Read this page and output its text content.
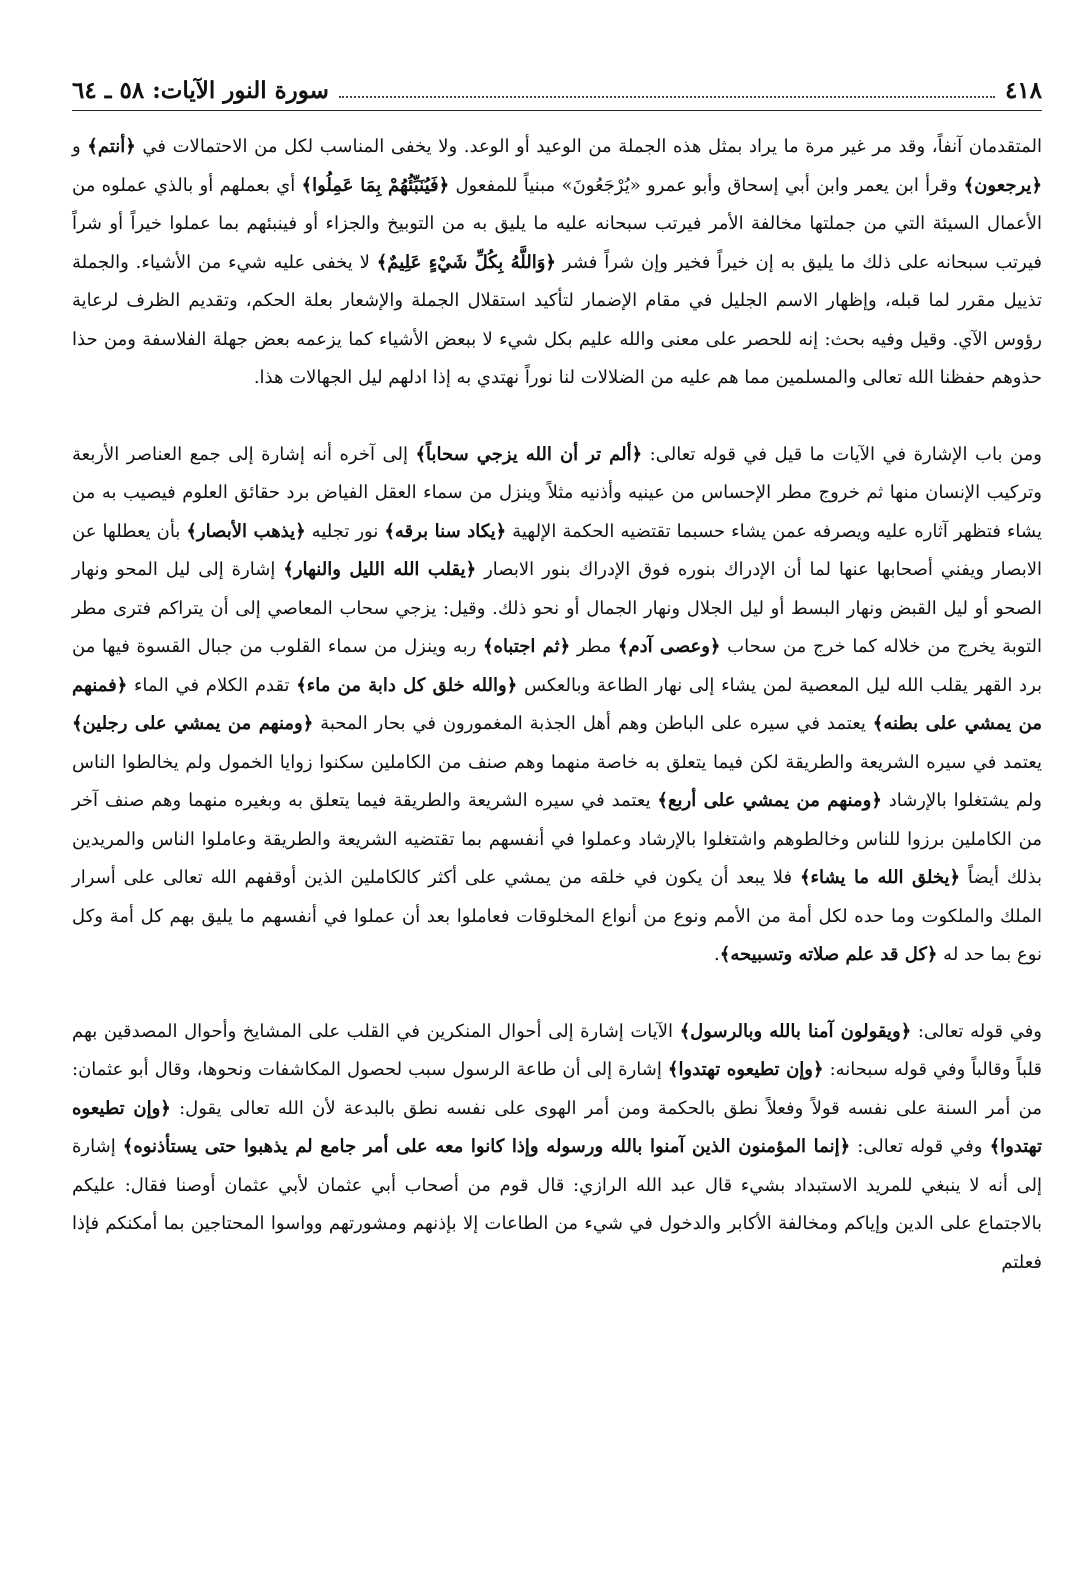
٤١٨
سورة النور الآيات: ٥٨ ـ ٦٤

المتقدمان آنفاً، وقد مر غير مرة ما يراد بمثل هذه الجملة من الوعيد أو الوعد. ولا يخفى المناسب لكل من الاحتمالات في ﴿أنتم﴾ و ﴿يرجعون﴾ وقرأ ابن يعمر وابن أبي إسحاق وأبو عمرو «يُرْجَعُونَ» مبنياً للمفعول ﴿فَيُنَبِّئُهُمْ بِمَا عَمِلُوا﴾ أي بعملهم أو بالذي عملوه من الأعمال السيئة التي من جملتها مخالفة الأمر فيرتب سبحانه عليه ما يليق به من التوبيخ والجزاء أو فينبئهم بما عملوا خيراً أو شراً فيرتب سبحانه على ذلك ما يليق به إن خيراً فخير وإن شراً فشر ﴿وَاللَّهُ بِكُلِّ شَيْءٍ عَلِيمٌ﴾ لا يخفى عليه شيء من الأشياء. والجملة تذييل مقرر لما قبله، وإظهار الاسم الجليل في مقام الإضمار لتأكيد استقلال الجملة والإشعار بعلة الحكم، وتقديم الظرف لرعاية رؤوس الآي. وقيل وفيه بحث: إنه للحصر على معنى والله عليم بكل شيء لا ببعض الأشياء كما يزعمه بعض جهلة الفلاسفة ومن حذا حذوهم حفظنا الله تعالى والمسلمين مما هم عليه من الضلالات لنا نوراً نهتدي به إذا ادلهم ليل الجهالات هذا.

ومن باب الإشارة في الآيات ما قيل في قوله تعالى: ﴿ألم تر أن الله يزجي سحاباً﴾ إلى آخره أنه إشارة إلى جمع العناصر الأربعة وتركيب الإنسان منها ثم خروج مطر الإحساس من عينيه وأذنيه مثلاً وينزل من سماء العقل الفياض برد حقائق العلوم فيصيب به من يشاء فتظهر آثاره عليه ويصرفه عمن يشاء حسبما تقتضيه الحكمة الإلهية ﴿يكاد سنا برقه﴾ نور تجليه ﴿يذهب الأبصار﴾ بأن يعطلها عن الابصار ويفني أصحابها عنها لما أن الإدراك بنوره فوق الإدراك بنور الابصار ﴿يقلب الله الليل والنهار﴾ إشارة إلى ليل المحو ونهار الصحو أو ليل القبض ونهار البسط أو ليل الجلال ونهار الجمال أو نحو ذلك. وقيل: يزجي سحاب المعاصي إلى أن يتراكم فترى مطر التوبة يخرج من خلاله كما خرج من سحاب ﴿وعصى آدم﴾ مطر ﴿ثم اجتباه﴾ ربه وينزل من سماء القلوب من جبال القسوة فيها من برد القهر يقلب الله ليل المعصية لمن يشاء إلى نهار الطاعة وبالعكس ﴿والله خلق كل دابة من ماء﴾ تقدم الكلام في الماء ﴿فمنهم من يمشي على بطنه﴾ يعتمد في سيره على الباطن وهم أهل الجذبة المغمورون في بحار المحبة ﴿ومنهم من يمشي على رجلين﴾ يعتمد في سيره الشريعة والطريقة لكن فيما يتعلق به خاصة منهما وهم صنف من الكاملين سكنوا زوايا الخمول ولم يخالطوا الناس ولم يشتغلوا بالإرشاد ﴿ومنهم من يمشي على أربع﴾ يعتمد في سيره الشريعة والطريقة فيما يتعلق به وبغيره منهما وهم صنف آخر من الكاملين برزوا للناس وخالطوهم واشتغلوا بالإرشاد وعملوا في أنفسهم بما تقتضيه الشريعة والطريقة وعاملوا الناس والمريدين بذلك أيضاً ﴿يخلق الله ما يشاء﴾ فلا يبعد أن يكون في خلقه من يمشي على أكثر كالكاملين الذين أوقفهم الله تعالى على أسرار الملك والملكوت وما حده لكل أمة من الأمم ونوع من أنواع المخلوقات فعاملوا بعد أن عملوا في أنفسهم ما يليق بهم كل أمة وكل نوع بما حد له ﴿كل قد علم صلاته وتسبيحه﴾.

وفي قوله تعالى: ﴿ويقولون آمنا بالله وبالرسول﴾ الآيات إشارة إلى أحوال المنكرين في القلب على المشايخ وأحوال المصدقين بهم قلباً وقالباً وفي قوله سبحانه: ﴿وإن تطيعوه تهتدوا﴾ إشارة إلى أن طاعة الرسول سبب لحصول المكاشفات ونحوها، وقال أبو عثمان: من أمر السنة على نفسه قولاً وفعلاً نطق بالحكمة ومن أمر الهوى على نفسه نطق بالبدعة لأن الله تعالى يقول: ﴿وإن تطيعوه تهتدوا﴾ وفي قوله تعالى: ﴿إنما المؤمنون الذين آمنوا بالله ورسوله وإذا كانوا معه على أمر جامع لم يذهبوا حتى يستأذنوه﴾ إشارة إلى أنه لا ينبغي للمريد الاستبداد بشيء قال عبد الله الرازي: قال قوم من أصحاب أبي عثمان لأبي عثمان أوصنا فقال: عليكم بالاجتماع على الدين وإياكم ومخالفة الأكابر والدخول في شيء من الطاعات إلا بإذنهم ومشورتهم وواسوا المحتاجين بما أمكنكم فإذا فعلتم
